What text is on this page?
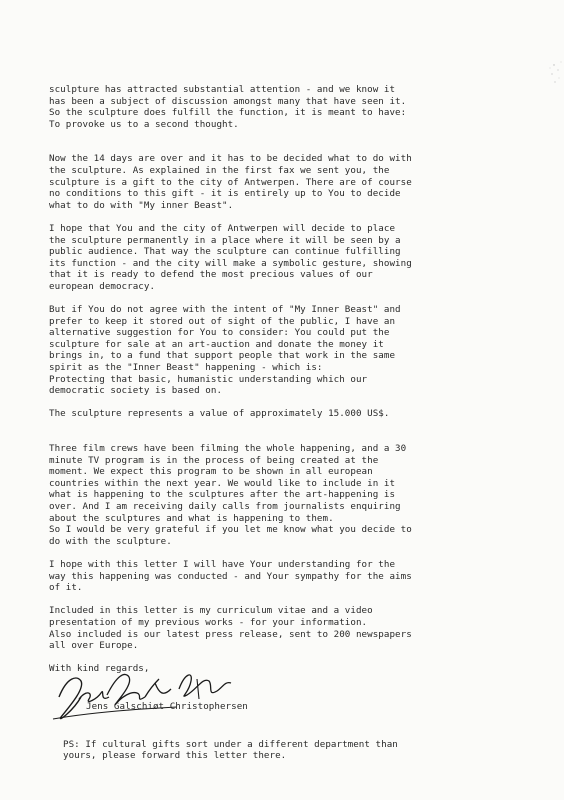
sculpture has attracted substantial attention - and we know it
has been a subject of discussion amongst many that have seen it.
So the sculpture does fulfill the function, it is meant to have:
To provoke us to a second thought.

Now the 14 days are over and it has to be decided what to do with
the sculpture. As explained in the first fax we sent you, the
sculpture is a gift to the city of Antwerpen. There are of course
no conditions to this gift - it is entirely up to You to decide
what to do with "My inner Beast".

I hope that You and the city of Antwerpen will decide to place
the sculpture permanently in a place where it will be seen by a
public audience. That way the sculpture can continue fulfilling
its function - and the city will make a symbolic gesture, showing
that it is ready to defend the most precious values of our
european democracy.

But if You do not agree with the intent of "My Inner Beast" and
prefer to keep it stored out of sight of the public, I have an
alternative suggestion for You to consider: You could put the
sculpture for sale at an art-auction and donate the money it
brings in, to a fund that support people that work in the same
spirit as the "Inner Beast" happening - which is:
Protecting that basic, humanistic understanding which our
democratic society is based on.

The sculpture represents a value of approximately 15.000 US$.

Three film crews have been filming the whole happening, and a 30
minute TV program is in the process of being created at the
moment. We expect this program to be shown in all european
countries within the next year. We would like to include in it
what is happening to the sculptures after the art-happening is
over. And I am receiving daily calls from journalists enquiring
about the sculptures and what is happening to them.
So I would be very grateful if you let me know what you decide to
do with the sculpture.

I hope with this letter I will have Your understanding for the
way this happening was conducted - and Your sympathy for the aims
of it.

Included in this letter is my curriculum vitae and a video
presentation of my previous works - for your information.
Also included is our latest press release, sent to 200 newspapers
all over Europe.

With kind regards,

Jens Galschiøt Christophersen

PS: If cultural gifts sort under a different department than
yours, please forward this letter there.
